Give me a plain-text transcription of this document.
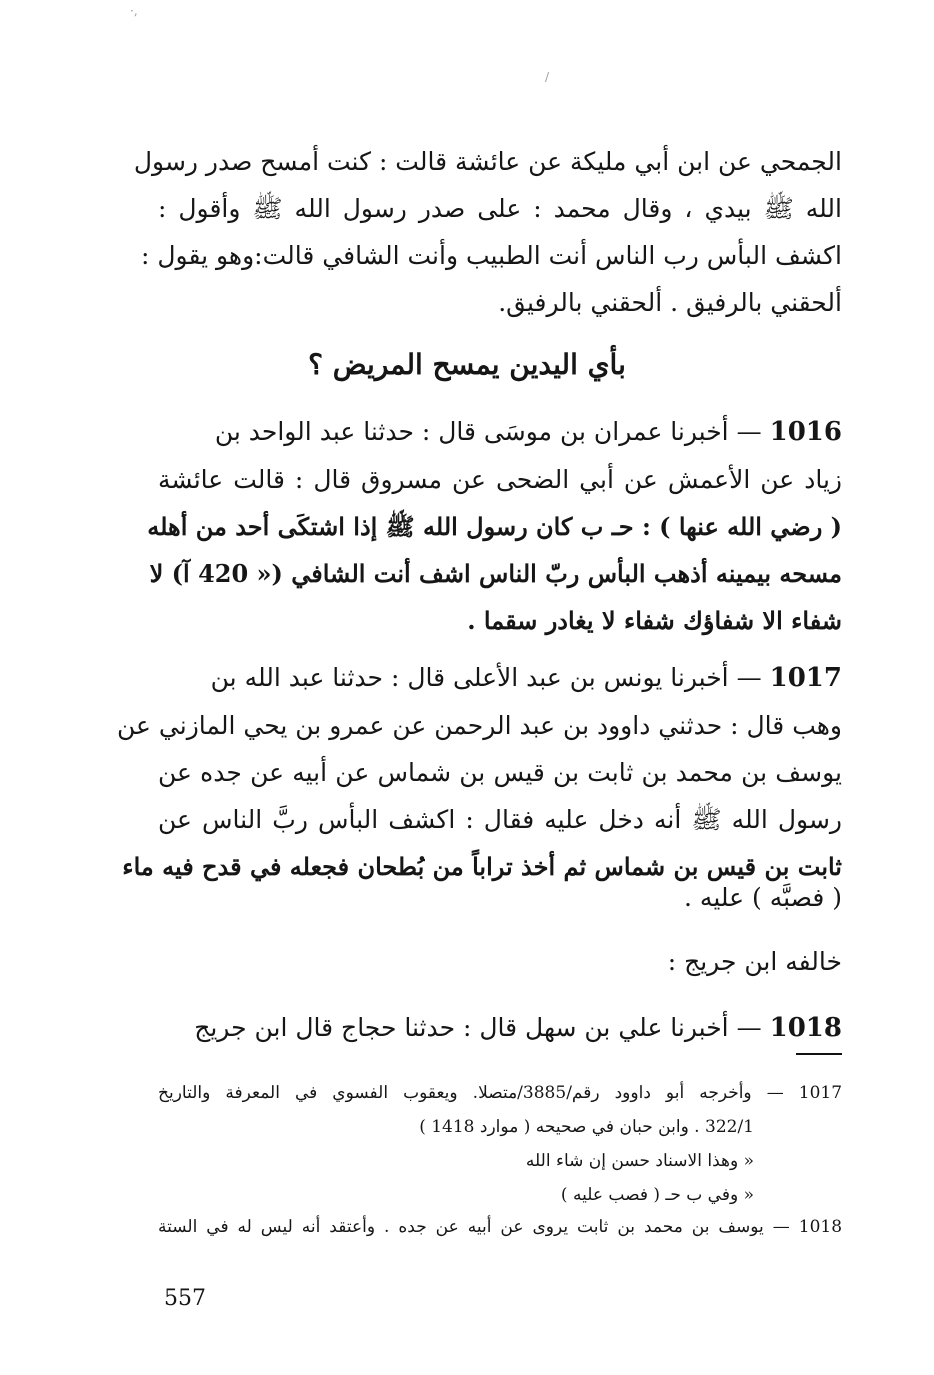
·,
/
الجمحي عن ابن أبي مليكة عن عائشة قالت : كنت أمسح صدر رسول
الله ﷺ بيدي ، وقال محمد : على صدر رسول الله ﷺ وأقول :
اكشف البأس رب الناس أنت الطبيب وأنت الشافي قالت:وهو يقول :
ألحقني بالرفيق . ألحقني بالرفيق.
بأي اليدين يمسح المريض ؟
1016—أخبرنا عمران بن موسَى قال : حدثنا عبد الواحد بن
زياد عن الأعمش عن أبي الضحى عن مسروق قال : قالت عائشة
( رضي الله عنها ) : حـ ب كان رسول الله ﷺ إذا اشتكَى أحد من أهله
مسحه بيمينه أذهب البأس ربّ الناس اشف أنت الشافي (« 420 آ) لا
شفاء الا شفاؤك شفاء لا يغادر سقما .
1017—أخبرنا يونس بن عبد الأعلى قال : حدثنا عبد الله بن
وهب قال : حدثني داوود بن عبد الرحمن عن عمرو بن يحي المازني عن
يوسف بن محمد بن ثابت بن قيس بن شماس عن أبيه عن جده عن
رسول الله ﷺ أنه دخل عليه فقال : اكشف البأس ربَّ الناس عن
ثابت بن قيس بن شماس ثم أخذ تراباً من بُطحان فجعله في قدح فيه ماء
( فصبَّه ) عليه .
خالفه ابن جريج :
1018—أخبرنا علي بن سهل قال : حدثنا حجاج قال ابن جريج
1017 — وأخرجه أبو داوود رقم/3885/متصلا. ويعقوب الفسوي في المعرفة والتاريخ
322/1 . وابن حبان في صحيحه ( موارد 1418 )
« وهذا الاسناد حسن إن شاء الله
« وفي ب حـ ( فصب عليه )
1018 — يوسف بن محمد بن ثابت يروى عن أبيه عن جده . وأعتقد أنه ليس له في الستة
557
